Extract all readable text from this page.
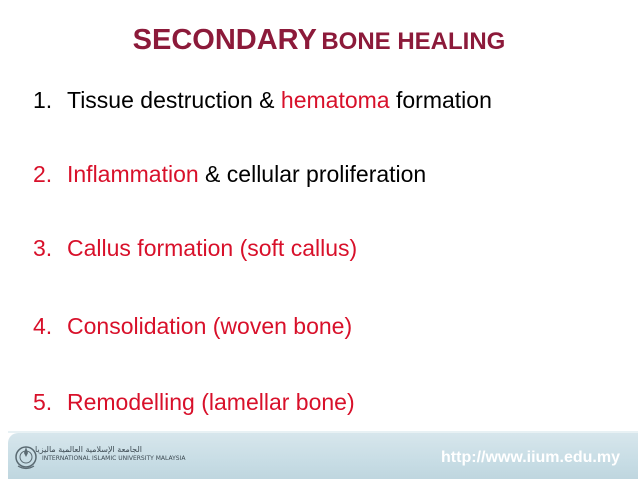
SECONDARY BONE HEALING
1. Tissue destruction & hematoma formation
2. Inflammation & cellular proliferation
3. Callus formation (soft callus)
4. Consolidation (woven bone)
5. Remodelling (lamellar bone)
الجامعة الإسلامية العالمية ماليزيا
INTERNATIONAL ISLAMIC UNIVERSITY MALAYSIA	http://www.iium.edu.my
